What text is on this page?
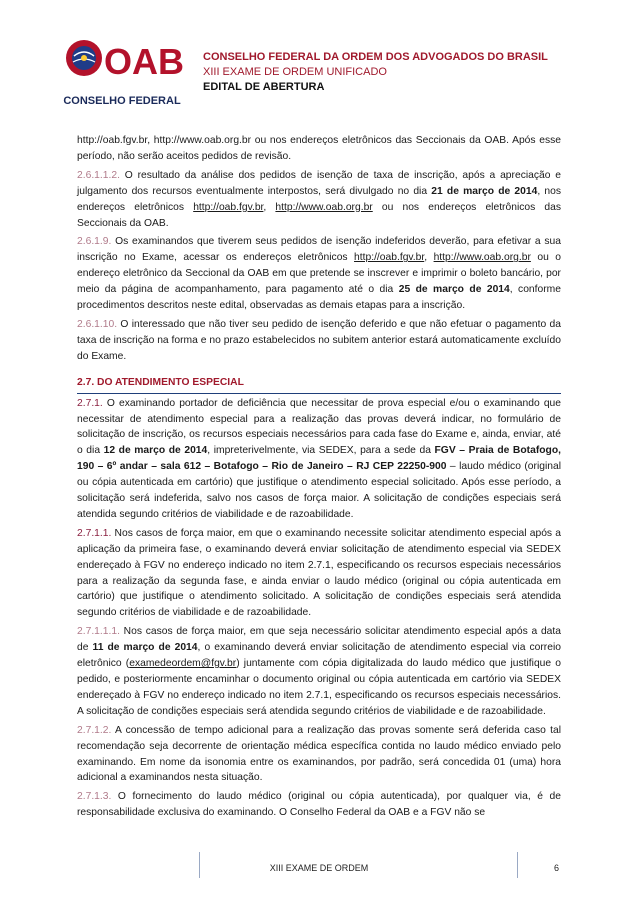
OAB
CONSELHO FEDERAL
CONSELHO FEDERAL DA ORDEM DOS ADVOGADOS DO BRASIL
XIII EXAME DE ORDEM UNIFICADO
EDITAL DE ABERTURA

http://oab.fgv.br, http://www.oab.org.br ou nos endereços eletrônicos das Seccionais da OAB. Após esse período, não serão aceitos pedidos de revisão.

2.6.1.1.2. O resultado da análise dos pedidos de isenção de taxa de inscrição, após a apreciação e julgamento dos recursos eventualmente interpostos, será divulgado no dia 21 de março de 2014, nos endereços eletrônicos http://oab.fgv.br, http://www.oab.org.br ou nos endereços eletrônicos das Seccionais da OAB.

2.6.1.9. Os examinandos que tiverem seus pedidos de isenção indeferidos deverão, para efetivar a sua inscrição no Exame, acessar os endereços eletrônicos http://oab.fgv.br, http://www.oab.org.br ou o endereço eletrônico da Seccional da OAB em que pretende se inscrever e imprimir o boleto bancário, por meio da página de acompanhamento, para pagamento até o dia 25 de março de 2014, conforme procedimentos descritos neste edital, observadas as demais etapas para a inscrição.

2.6.1.10. O interessado que não tiver seu pedido de isenção deferido e que não efetuar o pagamento da taxa de inscrição na forma e no prazo estabelecidos no subitem anterior estará automaticamente excluído do Exame.

2.7. DO ATENDIMENTO ESPECIAL

2.7.1. O examinando portador de deficiência que necessitar de prova especial e/ou o examinando que necessitar de atendimento especial para a realização das provas deverá indicar, no formulário de solicitação de inscrição, os recursos especiais necessários para cada fase do Exame e, ainda, enviar, até o dia 12 de março de 2014, impreterivelmente, via SEDEX, para a sede da FGV – Praia de Botafogo, 190 – 6º andar – sala 612 – Botafogo – Rio de Janeiro – RJ CEP 22250-900 – laudo médico (original ou cópia autenticada em cartório) que justifique o atendimento especial solicitado. Após esse período, a solicitação será indeferida, salvo nos casos de força maior. A solicitação de condições especiais será atendida segundo critérios de viabilidade e de razoabilidade.

2.7.1.1. Nos casos de força maior, em que o examinando necessite solicitar atendimento especial após a aplicação da primeira fase, o examinando deverá enviar solicitação de atendimento especial via SEDEX endereçado à FGV no endereço indicado no item 2.7.1, especificando os recursos especiais necessários para a realização da segunda fase, e ainda enviar o laudo médico (original ou cópia autenticada em cartório) que justifique o atendimento solicitado. A solicitação de condições especiais será atendida segundo critérios de viabilidade e de razoabilidade.

2.7.1.1.1. Nos casos de força maior, em que seja necessário solicitar atendimento especial após a data de 11 de março de 2014, o examinando deverá enviar solicitação de atendimento especial via correio eletrônico (examedeordem@fgv.br) juntamente com cópia digitalizada do laudo médico que justifique o pedido, e posteriormente encaminhar o documento original ou cópia autenticada em cartório via SEDEX endereçado à FGV no endereço indicado no item 2.7.1, especificando os recursos especiais necessários. A solicitação de condições especiais será atendida segundo critérios de viabilidade e de razoabilidade.

2.7.1.2. A concessão de tempo adicional para a realização das provas somente será deferida caso tal recomendação seja decorrente de orientação médica específica contida no laudo médico enviado pelo examinando. Em nome da isonomia entre os examinandos, por padrão, será concedida 01 (uma) hora adicional a examinandos nesta situação.

2.7.1.3. O fornecimento do laudo médico (original ou cópia autenticada), por qualquer via, é de responsabilidade exclusiva do examinando. O Conselho Federal da OAB e a FGV não se

XIII EXAME DE ORDEM	6
